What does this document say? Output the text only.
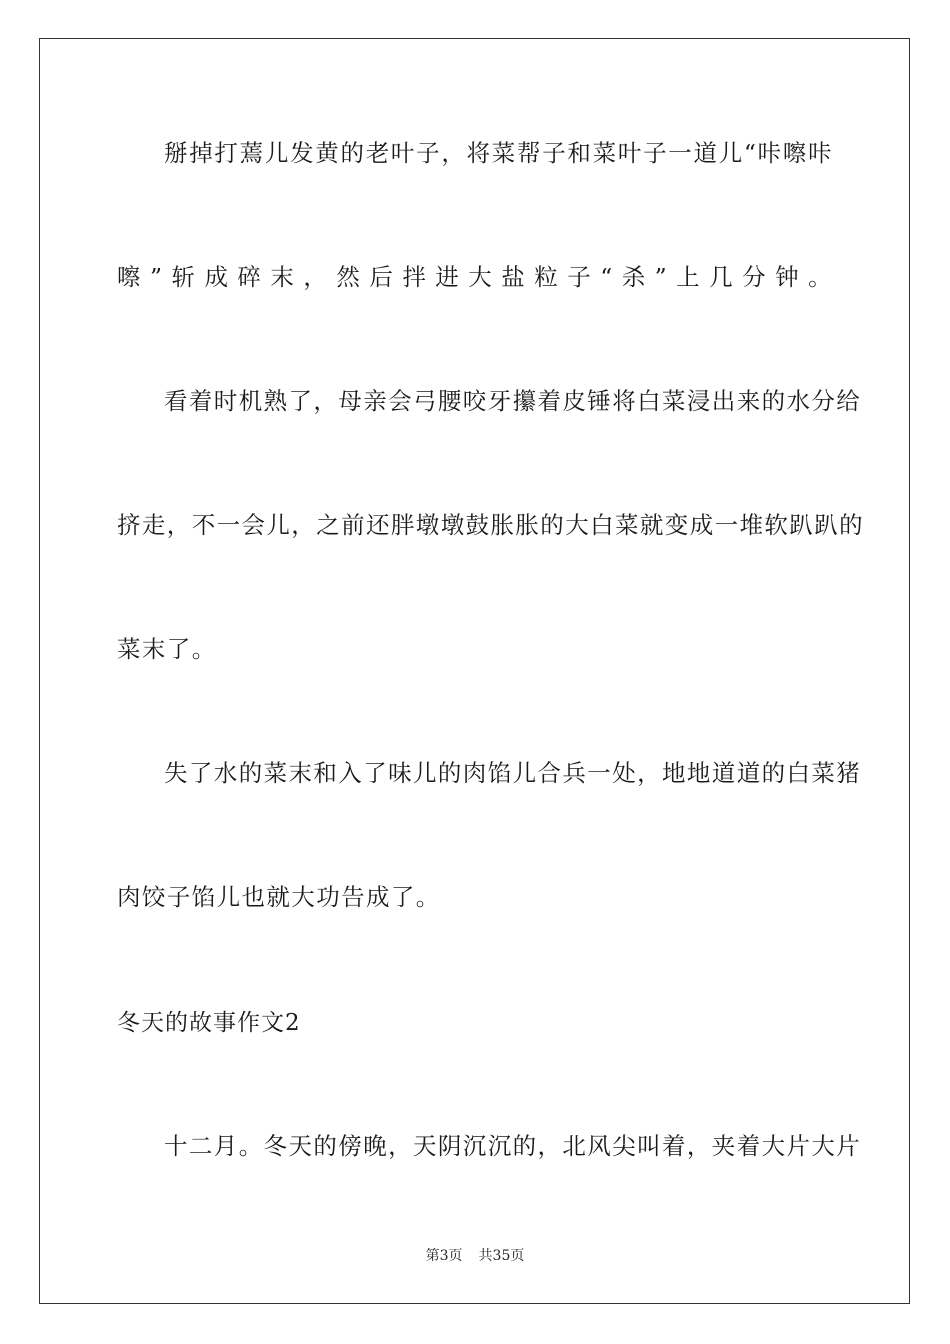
掰掉打蔫儿发黄的老叶子，将菜帮子和菜叶子一道儿“咔嚓咔
嚓”斩成碎末，然后拌进大盐粒子“杀”上几分钟。
看着时机熟了，母亲会弓腰咬牙攥着皮锤将白菜浸出来的水分给
挤走，不一会儿，之前还胖墩墩鼓胀胀的大白菜就变成一堆软趴趴的
菜末了。
失了水的菜末和入了味儿的肉馅儿合兵一处，地地道道的白菜猪
肉饺子馅儿也就大功告成了。
冬天的故事作文2
十二月。冬天的傍晚，天阴沉沉的，北风尖叫着，夹着大片大片
第3页 共35页
